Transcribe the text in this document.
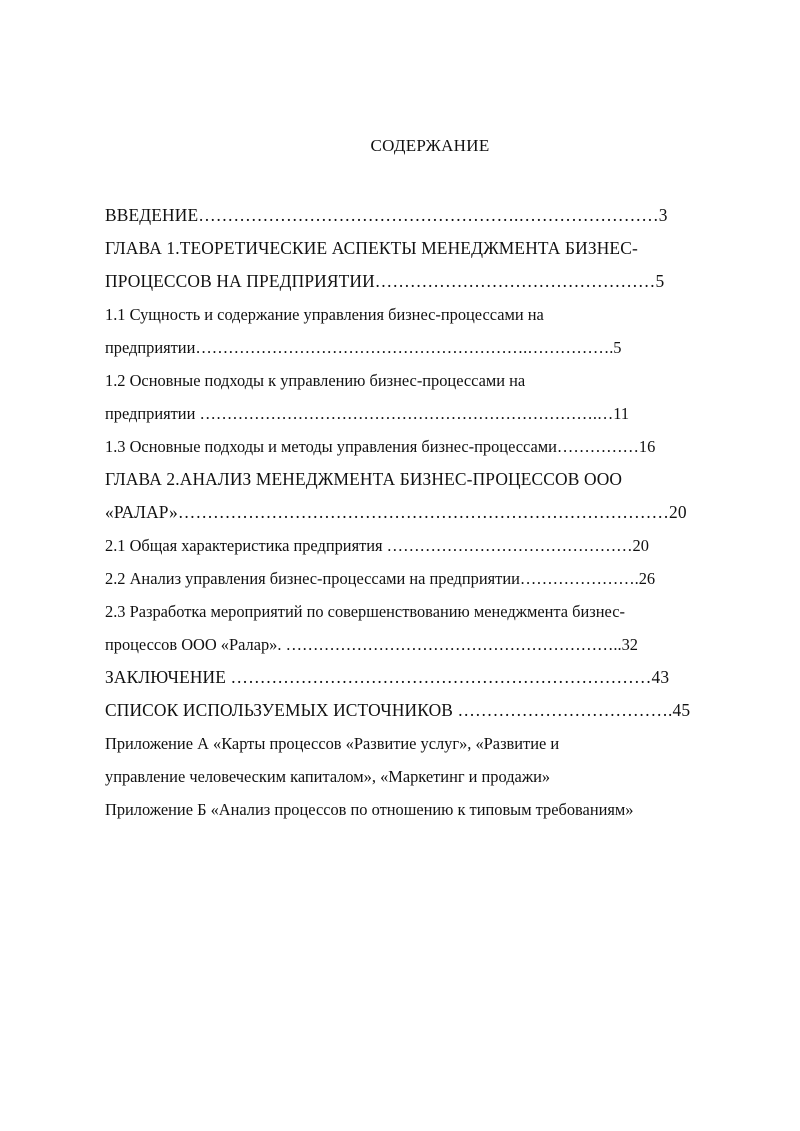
СОДЕРЖАНИЕ
ВВЕДЕНИЕ……………………………………………….……………………3
ГЛАВА 1.ТЕОРЕТИЧЕСКИЕ АСПЕКТЫ МЕНЕДЖМЕНТА БИЗНЕС-
ПРОЦЕССОВ НА ПРЕДПРИЯТИИ…………………………………………5
1.1 Сущность и содержание управления бизнес-процессами на
предприятии…………………………………………………….…………….5
1.2 Основные подходы к управлению бизнес-процессами на
предприятии ……………………………………………………………….…11
1.3 Основные подходы и методы управления бизнес-процессами……………16
ГЛАВА 2.АНАЛИЗ МЕНЕДЖМЕНТА БИЗНЕС-ПРОЦЕССОВ ООО
«РАЛАР»…………………………………………………………………………20
2.1 Общая характеристика предприятия ………………………………………20
2.2 Анализ управления бизнес-процессами на предприятии………………….26
2.3 Разработка мероприятий по совершенствованию менеджмента бизнес-
процессов ООО «Ралар». ……………………………………………………..32
ЗАКЛЮЧЕНИЕ ………………………………………………………………43
СПИСОК ИСПОЛЬЗУЕМЫХ ИСТОЧНИКОВ ……………………………….45
Приложение А «Карты процессов «Развитие услуг», «Развитие и
управление человеческим капиталом», «Маркетинг и продажи»
Приложение Б «Анализ процессов по отношению к типовым требованиям»
